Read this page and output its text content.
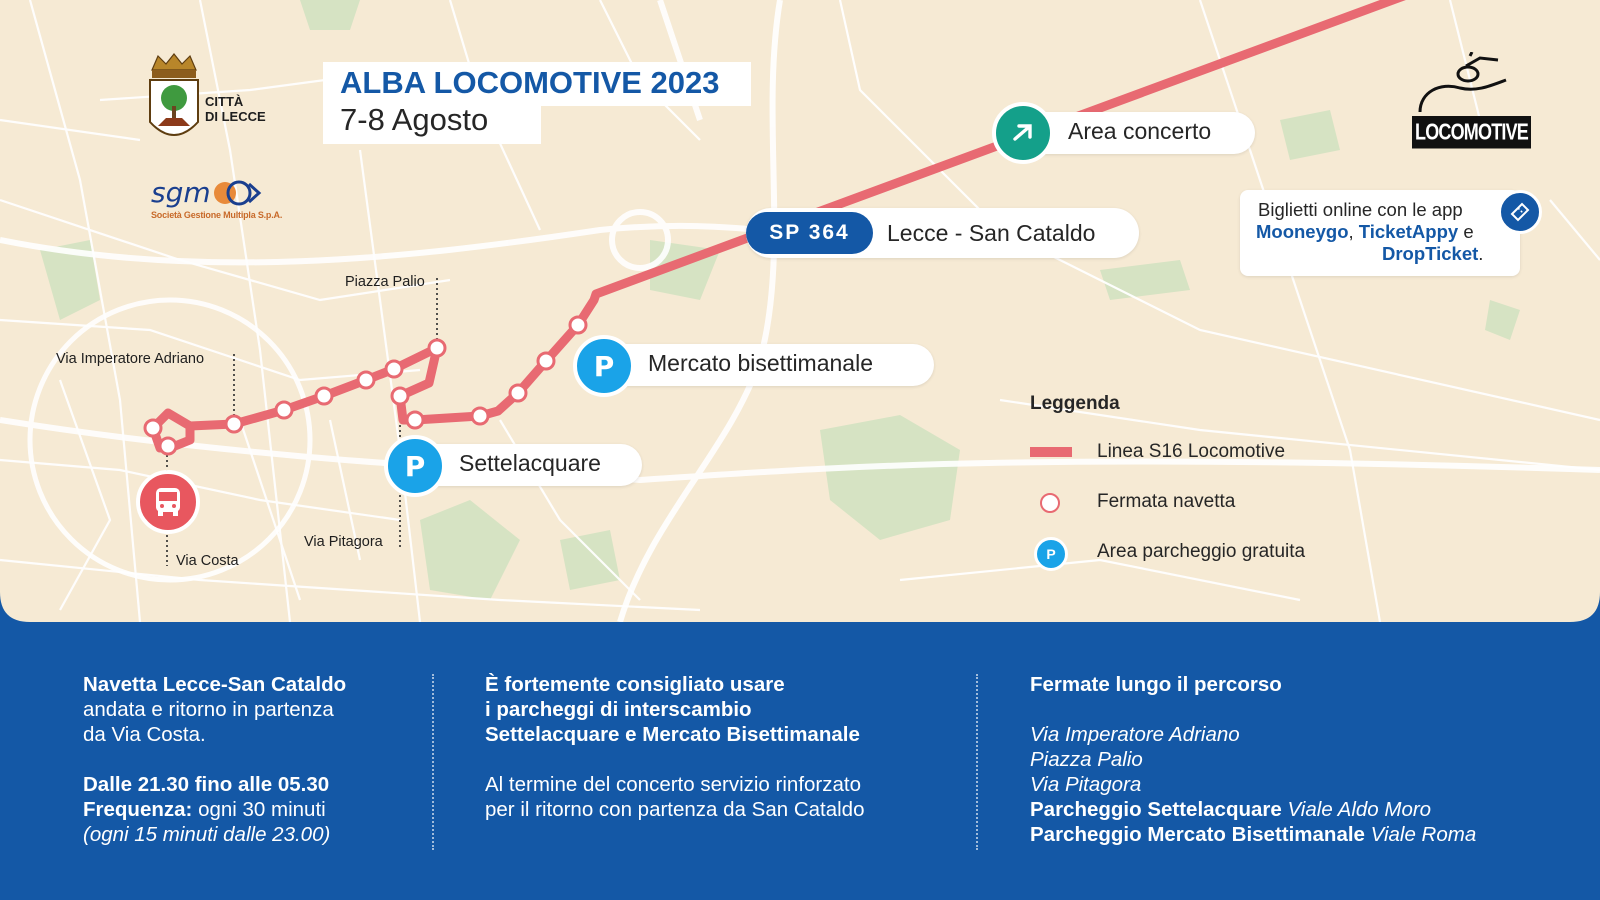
ALBA LOCOMOTIVE 2023
7-8 Agosto
CITTÀ
DI LECCE
sgm
Società Gestione Multipla S.p.A.
LOCOMOTIVE
Area concerto
SP 364	Lecce - San Cataldo
P	Mercato bisettimanale
P	Settelacquare
Piazza Palio
Via Imperatore Adriano
Via Pitagora
Via Costa
Biglietti online con le app
Mooneygo, TicketAppy e
DropTicket.
Leggenda
Linea S16 Locomotive
Fermata navetta
P	Area parcheggio gratuita
Navetta Lecce-San Cataldo
andata e ritorno in partenza
da Via Costa.
Dalle 21.30 fino alle 05.30
Frequenza: ogni 30 minuti
(ogni 15 minuti dalle 23.00)
È fortemente consigliato usare
i parcheggi di interscambio
Settelacquare e Mercato Bisettimanale
Al termine del concerto servizio rinforzato
per il ritorno con partenza da San Cataldo
Fermate lungo il percorso
Via Imperatore Adriano
Piazza Palio
Via Pitagora
Parcheggio Settelacquare Viale Aldo Moro
Parcheggio Mercato Bisettimanale Viale Roma
